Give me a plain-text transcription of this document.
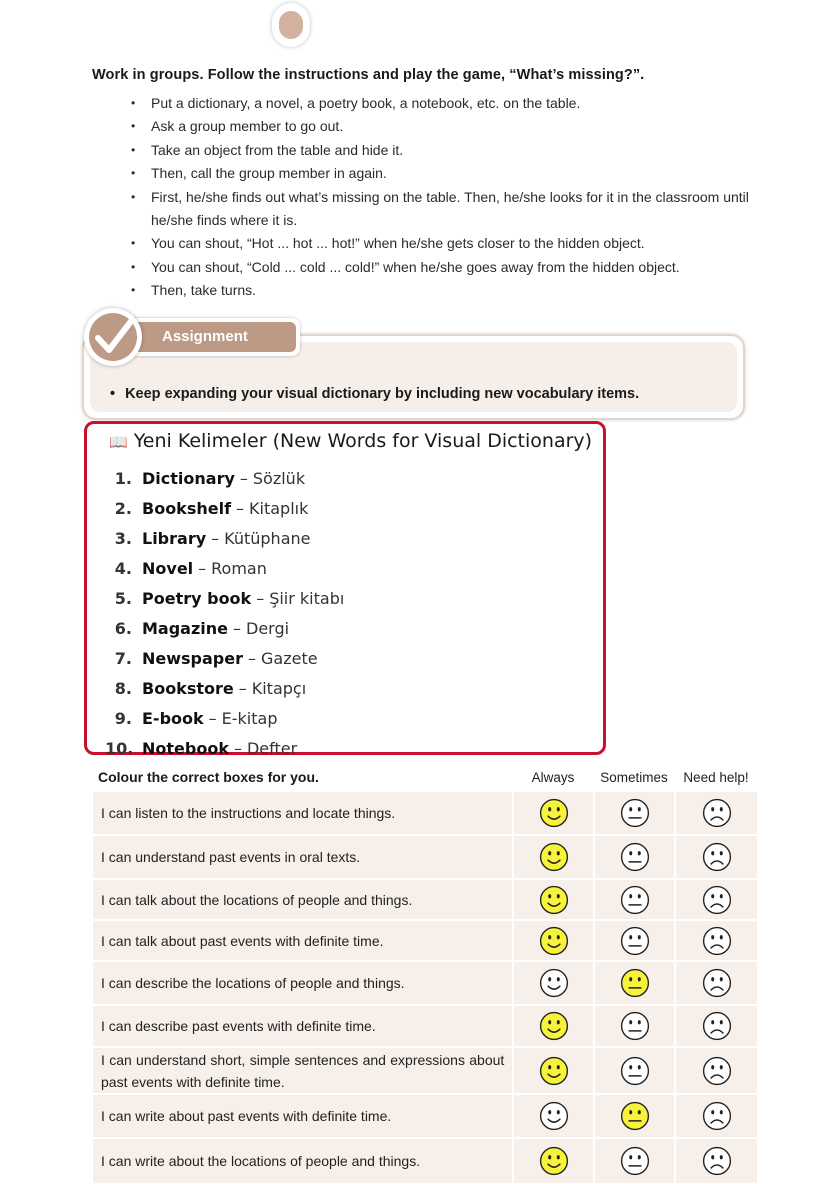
Work in groups. Follow the instructions and play the game, “What’s missing?”.
• Put a dictionary, a novel, a poetry book, a notebook, etc. on the table.
• Ask a group member to go out.
• Take an object from the table and hide it.
• Then, call the group member in again.
• First, he/she finds out what’s missing on the table. Then, he/she looks for it in the classroom until he/she finds where it is.
• You can shout, “Hot ... hot ... hot!” when he/she gets closer to the hidden object.
• You can shout, “Cold ... cold ... cold!” when he/she goes away from the hidden object.
• Then, take turns.
• Keep expanding your visual dictionary by including new vocabulary items.
Assignment
📖 Yeni Kelimeler (New Words for Visual Dictionary)
1. Dictionary – Sözlük
2. Bookshelf – Kitaplık
3. Library – Kütüphane
4. Novel – Roman
5. Poetry book – Şiir kitabı
6. Magazine – Dergi
7. Newspaper – Gazete
8. Bookstore – Kitapçı
9. E-book – E-kitap
10. Notebook – Defter
Colour the correct boxes for you.	Always	Sometimes	Need help!
I can listen to the instructions and locate things.	

I can understand past events in oral texts.	

I can talk about the locations of people and things.	

I can talk about past events with definite time.	

I can describe the locations of people and things.	

I can describe past events with definite time.	

I can understand short, simple sentences and expressions about past events with definite time.	

I can write about past events with definite time.	

I can write about the locations of people and things.	
